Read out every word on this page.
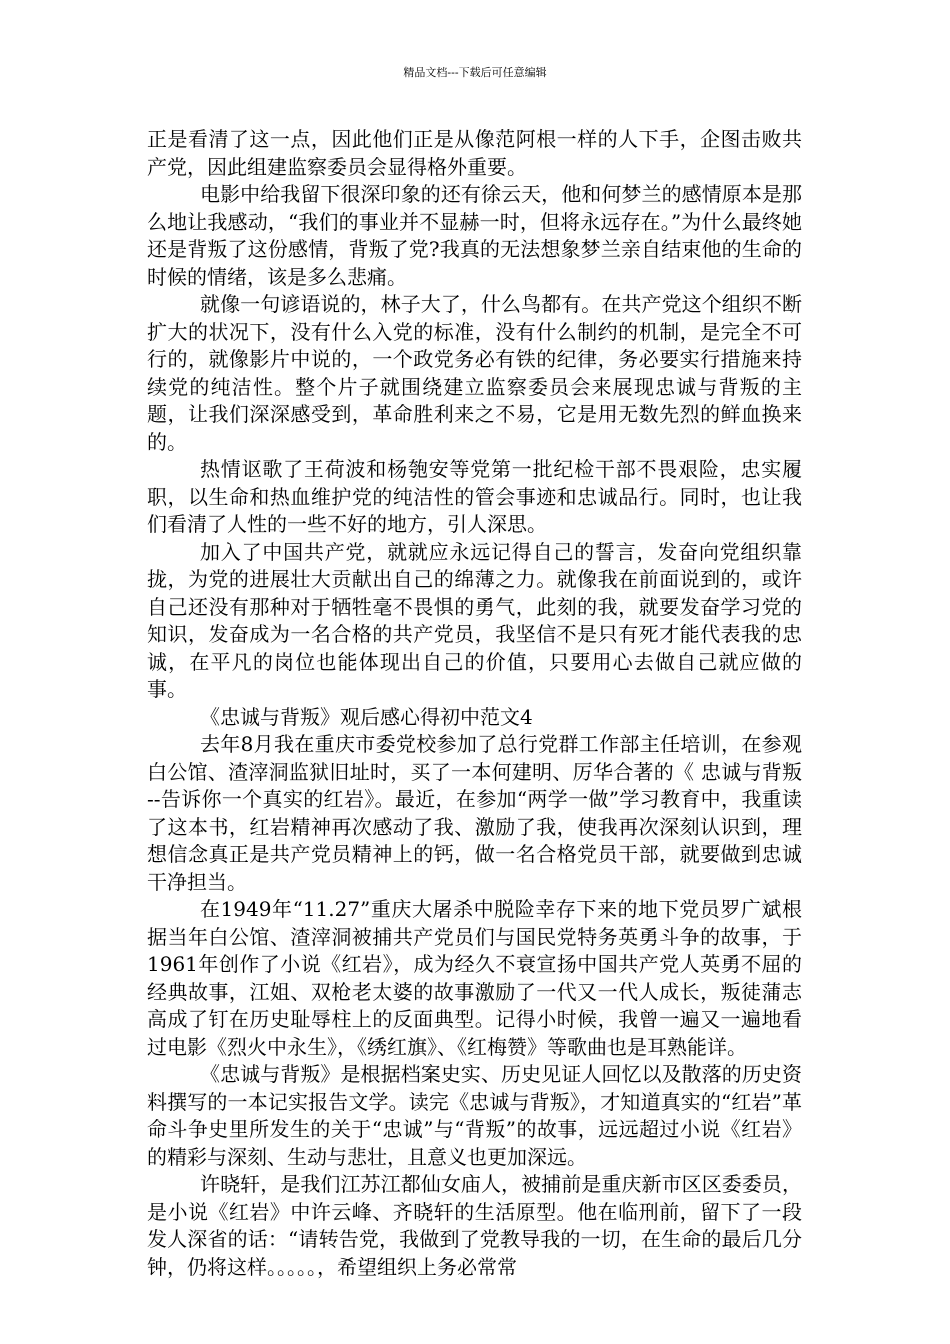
精品文档---下载后可任意编辑

正是看清了这一点，因此他们正是从像范阿根一样的人下手，企图击败共产党，因此组建监察委员会显得格外重要。

电影中给我留下很深印象的还有徐云天，他和何梦兰的感情原本是那么地让我感动，“我们的事业并不显赫一时，但将永远存在。”为什么最终她还是背叛了这份感情，背叛了党?我真的无法想象梦兰亲自结束他的生命的时候的情绪，该是多么悲痛。

就像一句谚语说的，林子大了，什么鸟都有。在共产党这个组织不断扩大的状况下，没有什么入党的标准，没有什么制约的机制，是完全不可行的，就像影片中说的，一个政党务必有铁的纪律，务必要实行措施来持续党的纯洁性。整个片子就围绕建立监察委员会来展现忠诚与背叛的主题，让我们深深感受到，革命胜利来之不易，它是用无数先烈的鲜血换来的。

热情讴歌了王荷波和杨匏安等党第一批纪检干部不畏艰险，忠实履职，以生命和热血维护党的纯洁性的管会事迹和忠诚品行。同时，也让我们看清了人性的一些不好的地方，引人深思。

加入了中国共产党，就就应永远记得自己的誓言，发奋向党组织靠拢，为党的进展壮大贡献出自己的绵薄之力。就像我在前面说到的，或许自己还没有那种对于牺牲毫不畏惧的勇气，此刻的我，就要发奋学习党的知识，发奋成为一名合格的共产党员，我坚信不是只有死才能代表我的忠诚，在平凡的岗位也能体现出自己的价值，只要用心去做自己就应做的事。

《忠诚与背叛》观后感心得初中范文4

去年8月我在重庆市委党校参加了总行党群工作部主任培训，在参观白公馆、渣滓洞监狱旧址时，买了一本何建明、厉华合著的《 忠诚与背叛 --告诉你一个真实的红岩》。最近，在参加“两学一做”学习教育中，我重读了这本书，红岩精神再次感动了我、激励了我，使我再次深刻认识到，理想信念真正是共产党员精神上的钙，做一名合格党员干部，就要做到忠诚干净担当。

在1949年“11.27”重庆大屠杀中脱险幸存下来的地下党员罗广斌根据当年白公馆、渣滓洞被捕共产党员们与国民党特务英勇斗争的故事，于1961年创作了小说《红岩》，成为经久不衰宣扬中国共产党人英勇不屈的经典故事，江姐、双枪老太婆的故事激励了一代又一代人成长，叛徒蒲志高成了钉在历史耻辱柱上的反面典型。记得小时候，我曾一遍又一遍地看过电影《烈火中永生》，《绣红旗》、《红梅赞》等歌曲也是耳熟能详。

《忠诚与背叛》是根据档案史实、历史见证人回忆以及散落的历史资料撰写的一本记实报告文学。读完《忠诚与背叛》，才知道真实的“红岩”革命斗争史里所发生的关于“忠诚”与“背叛”的故事，远远超过小说《红岩》的精彩与深刻、生动与悲壮，且意义也更加深远。

许晓轩，是我们江苏江都仙女庙人，被捕前是重庆新市区区委委员，是小说《红岩》中许云峰、齐晓轩的生活原型。他在临刑前，留下了一段发人深省的话：“请转告党，我做到了党教导我的一切，在生命的最后几分钟，仍将这样。。。。。，希望组织上务必常常
